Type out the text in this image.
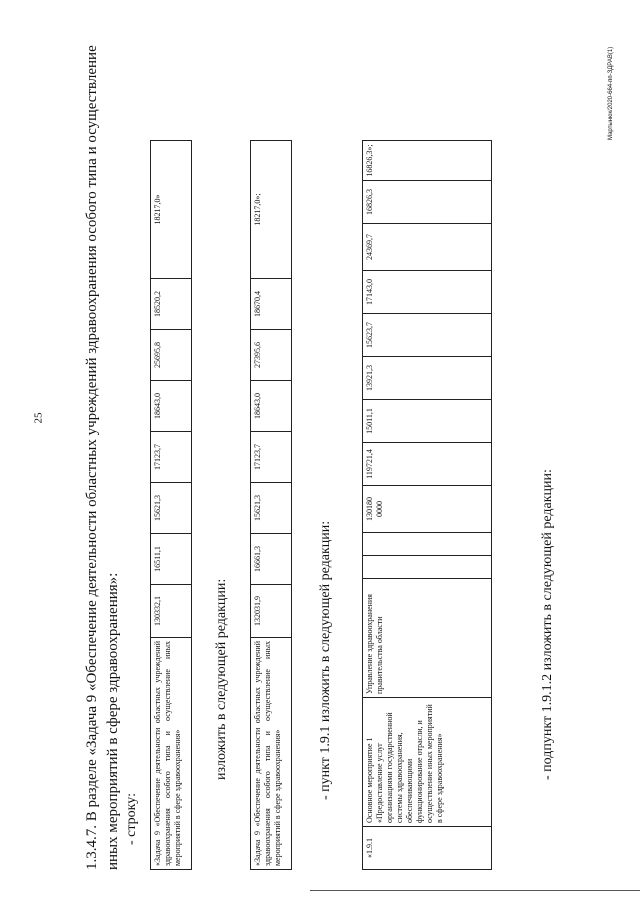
25
Мартынюк/2020-664-пп-ЗДРАВ(1)
1.3.4.7. В разделе «Задача 9 «Обеспечение деятельности областных учреждений здравоохранения особого типа и осуществление иных мероприятий в сфере здравоохранения»: - строку: «Задача 9 «Обеспечение деятельности областных учреждений здравоохранения особого типа и осуществление иных мероприятий в сфере здравоохранения»	130332,1	16511,1	15621,3	17123,7	18643,0	25695,8	18520,2	18217,0»
изложить в следующей редакции:	«Задача 9 «Обеспечение деятельности областных учреждений здравоохранения особого типа и осуществление иных мероприятий в сфере здравоохранения»	132031,9	16661,3	15621,3	17123,7	18643,0	27395,6	18670,4	18217,0»;
- пункт 1.9.1 изложить в следующей редакции:
«1.9.1	Основное мероприятие 1 «Предоставление услуг организациями государственной системы здравоохранения, обеспечивающими функционирование отрасли, и осуществление иных мероприятий в сфере здравоохранения»	Управление здравоохранения правительства области			130180 0000	119721,4	15011,1	13921,3	15623,7	17143,0	24369,7	16826,3	16826,3»;
- подпункт 1.9.1.2 изложить в следующей редакции:
